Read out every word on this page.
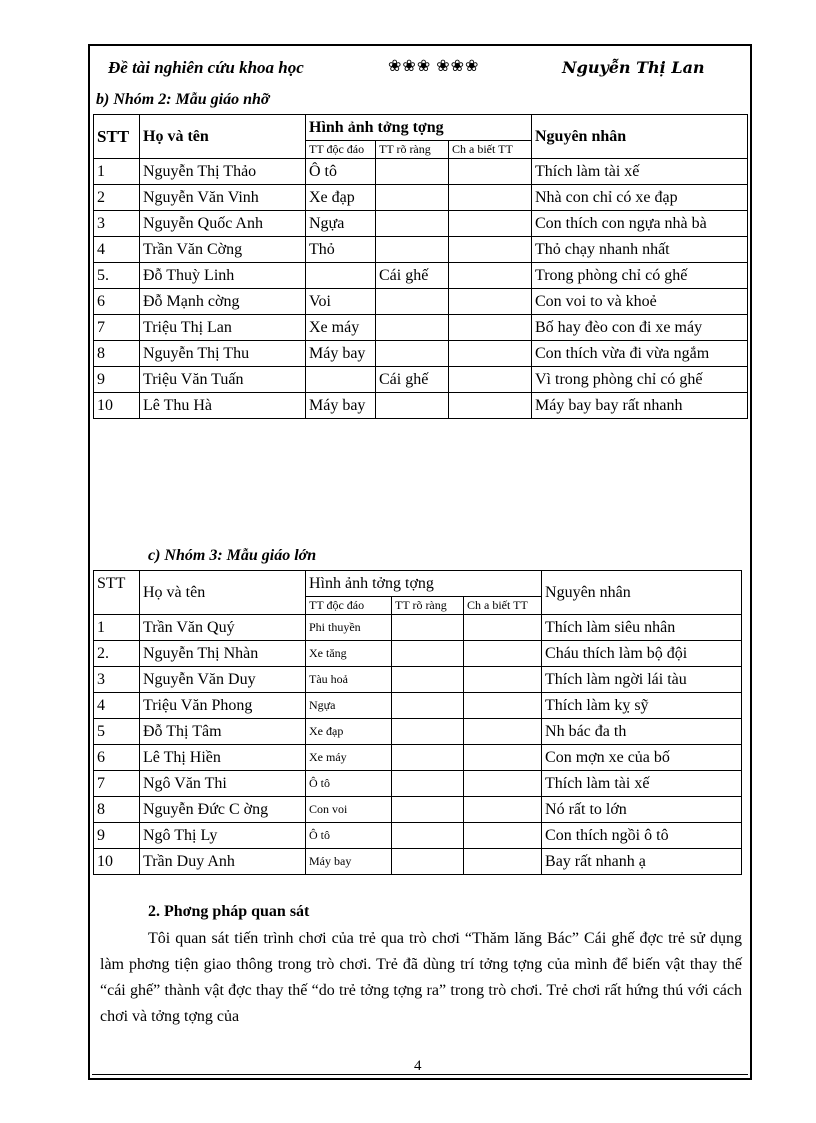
Đề tài nghiên cứu khoa học	❀❀❀ ❀❀❀	Nguyễn Thị Lan
b) Nhóm 2: Mẫu giáo nhỡ
STT	Họ và tên	Hình ảnh tởng tợng			Nguyên nhân
		TT độc đáo	TT rõ ràng	Ch a biết TT	

1	Nguyễn Thị Thảo	Ô tô			Thích làm tài xế
2	Nguyễn Văn Vinh	Xe đạp			Nhà con chỉ có xe đạp
3	Nguyễn Quốc Anh	Ngựa			Con thích con ngựa nhà bà
4	Trần Văn Cờng	Thỏ			Thỏ chạy nhanh nhất
5.	Đỗ Thuỳ Linh		Cái ghế		Trong phòng chỉ có ghế
6	Đỗ Mạnh cờng	Voi			Con voi to và khoẻ
7	Triệu Thị Lan	Xe máy			Bố hay đèo con đi xe máy
8	Nguyễn Thị Thu	Máy bay			Con thích vừa đi vừa ngắm
9	Triệu Văn Tuấn		Cái ghế		Vì trong phòng chỉ có ghế
10	Lê Thu Hà	Máy bay			Máy bay bay rất nhanh
c) Nhóm 3: Mẫu giáo lớn
STT	Họ và tên	Hình ảnh tởng tợng			Nguyên nhân
		TT độc đáo	TT rõ ràng	Ch a biết TT	

1	Trần Văn Quý	Phi thuyền			Thích làm siêu nhân
2.	Nguyễn Thị Nhàn	Xe tăng			Cháu thích làm bộ đội
3	Nguyễn Văn Duy	Tàu hoả			Thích làm ngời lái tàu
4	Triệu Văn Phong	Ngựa			Thích làm kỵ sỹ
5	Đỗ Thị Tâm	Xe đạp			Nh bác đa th
6	Lê Thị Hiền	Xe máy			Con mợn xe của bố
7	Ngô Văn Thi	Ô tô			Thích làm tài xế
8	Nguyễn Đức C ờng	Con voi			Nó rất to lớn
9	Ngô Thị Ly	Ô tô			Con thích ngồi ô tô
10	Trần Duy Anh	Máy bay			Bay rất nhanh ạ
2. Phơng pháp quan sát

Tôi quan sát tiến trình chơi của trẻ qua trò chơi “Thăm lăng Bác” Cái ghế đợc trẻ sử dụng làm phơng tiện giao thông trong trò chơi. Trẻ đã dùng trí tởng tợng của mình để biến vật thay thế “cái ghế” thành vật đợc thay thế “do trẻ tởng tợng ra” trong trò chơi. Trẻ chơi rất hứng thú với cách chơi và tởng tợng của

4
